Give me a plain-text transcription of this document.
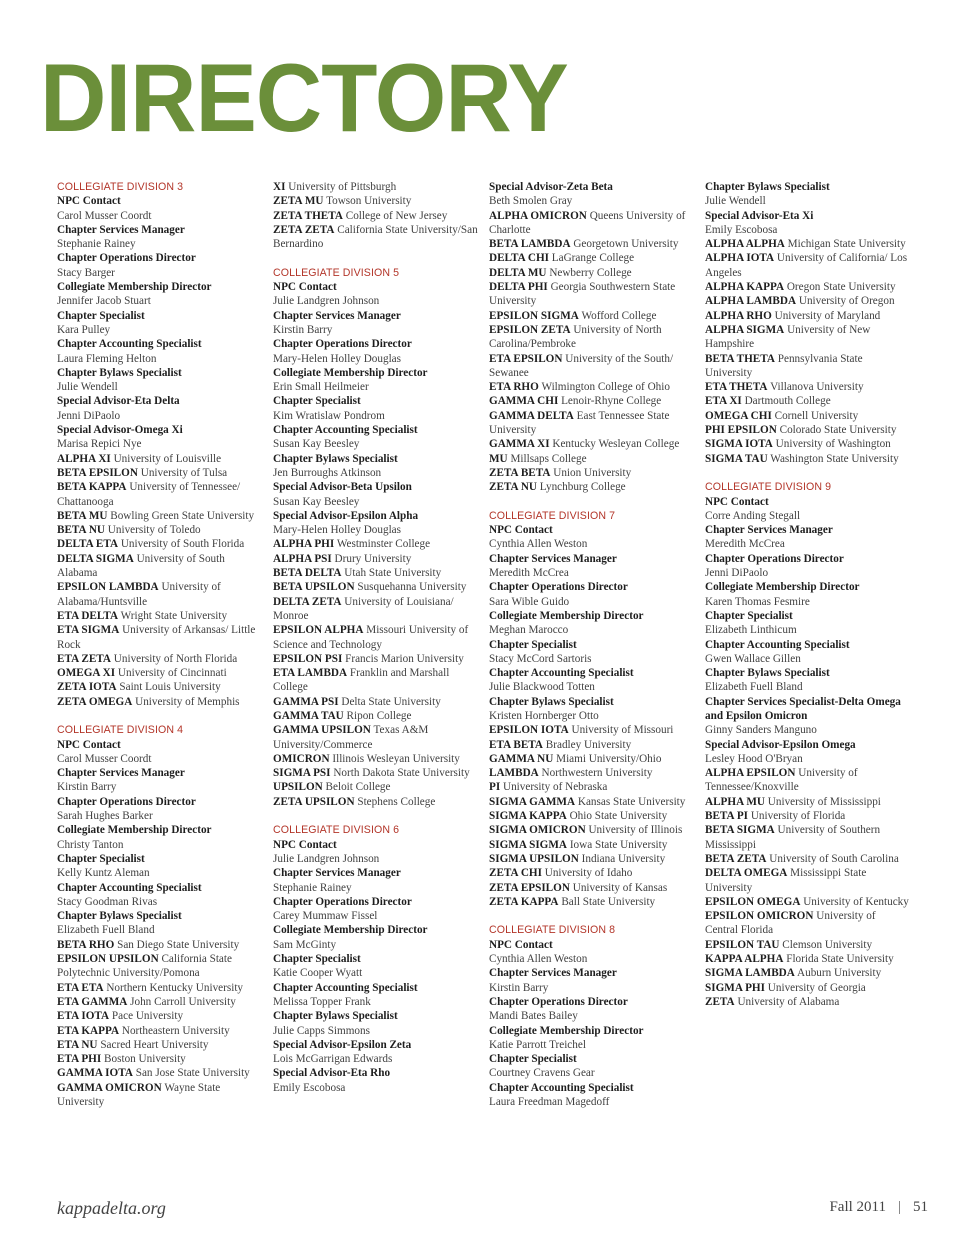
DIRECTORY
COLLEGIATE DIVISION 3
NPC Contact
Carol Musser Coordt
Chapter Services Manager
Stephanie Rainey
Chapter Operations Director
Stacy Barger
Collegiate Membership Director
Jennifer Jacob Stuart
Chapter Specialist
Kara Pulley
Chapter Accounting Specialist
Laura Fleming Helton
Chapter Bylaws Specialist
Julie Wendell
Special Advisor-Eta Delta
Jenni DiPaolo
Special Advisor-Omega Xi
Marisa Repici Nye
ALPHA XI University of Louisville
BETA EPSILON University of Tulsa
BETA KAPPA University of Tennessee/ Chattanooga
BETA MU Bowling Green State University
BETA NU University of Toledo
DELTA ETA University of South Florida
DELTA SIGMA University of South Alabama
EPSILON LAMBDA University of Alabama/Huntsville
ETA DELTA Wright State University
ETA SIGMA University of Arkansas/ Little Rock
ETA ZETA University of North Florida
OMEGA XI University of Cincinnati
ZETA IOTA Saint Louis University
ZETA OMEGA University of Memphis
COLLEGIATE DIVISION 4
NPC Contact
Carol Musser Coordt
Chapter Services Manager
Kirstin Barry
Chapter Operations Director
Sarah Hughes Barker
Collegiate Membership Director
Christy Tanton
Chapter Specialist
Kelly Kuntz Aleman
Chapter Accounting Specialist
Stacy Goodman Rivas
Chapter Bylaws Specialist
Elizabeth Fuell Bland
BETA RHO San Diego State University
EPSILON UPSILON California State Polytechnic University/Pomona
ETA ETA Northern Kentucky University
ETA GAMMA John Carroll University
ETA IOTA Pace University
ETA KAPPA Northeastern University
ETA NU Sacred Heart University
ETA PHI Boston University
GAMMA IOTA San Jose State University
GAMMA OMICRON Wayne State University
XI University of Pittsburgh
ZETA MU Towson University
ZETA THETA College of New Jersey
ZETA ZETA California State University/San Bernardino
COLLEGIATE DIVISION 5
NPC Contact
Julie Landgren Johnson
Chapter Services Manager
Kirstin Barry
Chapter Operations Director
Mary-Helen Holley Douglas
Collegiate Membership Director
Erin Small Heilmeier
Chapter Specialist
Kim Wratislaw Pondrom
Chapter Accounting Specialist
Susan Kay Beesley
Chapter Bylaws Specialist
Jen Burroughs Atkinson
Special Advisor-Beta Upsilon
Susan Kay Beesley
Special Advisor-Epsilon Alpha
Mary-Helen Holley Douglas
ALPHA PHI Westminster College
ALPHA PSI Drury University
BETA DELTA Utah State University
BETA UPSILON Susquehanna University
DELTA ZETA University of Louisiana/ Monroe
EPSILON ALPHA Missouri University of Science and Technology
EPSILON PSI Francis Marion University
ETA LAMBDA Franklin and Marshall College
GAMMA PSI Delta State University
GAMMA TAU Ripon College
GAMMA UPSILON Texas A&M University/Commerce
OMICRON Illinois Wesleyan University
SIGMA PSI North Dakota State University
UPSILON Beloit College
ZETA UPSILON Stephens College
COLLEGIATE DIVISION 6
NPC Contact
Julie Landgren Johnson
Chapter Services Manager
Stephanie Rainey
Chapter Operations Director
Carey Mummaw Fissel
Collegiate Membership Director
Sam McGinty
Chapter Specialist
Katie Cooper Wyatt
Chapter Accounting Specialist
Melissa Topper Frank
Chapter Bylaws Specialist
Julie Capps Simmons
Special Advisor-Epsilon Zeta
Lois McGarrigan Edwards
Special Advisor-Eta Rho
Emily Escobosa
Special Advisor-Zeta Beta
Beth Smolen Gray
ALPHA OMICRON Queens University of Charlotte
BETA LAMBDA Georgetown University
DELTA CHI LaGrange College
DELTA MU Newberry College
DELTA PHI Georgia Southwestern State University
EPSILON SIGMA Wofford College
EPSILON ZETA University of North Carolina/Pembroke
ETA EPSILON University of the South/ Sewanee
ETA RHO Wilmington College of Ohio
GAMMA CHI Lenoir-Rhyne College
GAMMA DELTA East Tennessee State University
GAMMA XI Kentucky Wesleyan College
MU Millsaps College
ZETA BETA Union University
ZETA NU Lynchburg College
COLLEGIATE DIVISION 7
NPC Contact
Cynthia Allen Weston
Chapter Services Manager
Meredith McCrea
Chapter Operations Director
Sara Wible Guido
Collegiate Membership Director
Meghan Marocco
Chapter Specialist
Stacy McCord Sartoris
Chapter Accounting Specialist
Julie Blackwood Totten
Chapter Bylaws Specialist
Kristen Hornberger Otto
EPSILON IOTA University of Missouri
ETA BETA Bradley University
GAMMA NU Miami University/Ohio
LAMBDA Northwestern University
PI University of Nebraska
SIGMA GAMMA Kansas State University
SIGMA KAPPA Ohio State University
SIGMA OMICRON University of Illinois
SIGMA SIGMA Iowa State University
SIGMA UPSILON Indiana University
ZETA CHI University of Idaho
ZETA EPSILON University of Kansas
ZETA KAPPA Ball State University
COLLEGIATE DIVISION 8
NPC Contact
Cynthia Allen Weston
Chapter Services Manager
Kirstin Barry
Chapter Operations Director
Mandi Bates Bailey
Collegiate Membership Director
Katie Parrott Treichel
Chapter Specialist
Courtney Cravens Gear
Chapter Accounting Specialist
Laura Freedman Magedoff
Chapter Bylaws Specialist
Julie Wendell
Special Advisor-Eta Xi
Emily Escobosa
ALPHA ALPHA Michigan State University
ALPHA IOTA University of California/ Los Angeles
ALPHA KAPPA Oregon State University
ALPHA LAMBDA University of Oregon
ALPHA RHO University of Maryland
ALPHA SIGMA University of New Hampshire
BETA THETA Pennsylvania State University
ETA THETA Villanova University
ETA XI Dartmouth College
OMEGA CHI Cornell University
PHI EPSILON Colorado State University
SIGMA IOTA University of Washington
SIGMA TAU Washington State University
COLLEGIATE DIVISION 9
NPC Contact
Corre Anding Stegall
Chapter Services Manager
Meredith McCrea
Chapter Operations Director
Jenni DiPaolo
Collegiate Membership Director
Karen Thomas Fesmire
Chapter Specialist
Elizabeth Linthicum
Chapter Accounting Specialist
Gwen Wallace Gillen
Chapter Bylaws Specialist
Elizabeth Fuell Bland
Chapter Services Specialist-Delta Omega and Epsilon Omicron
Ginny Sanders Manguno
Special Advisor-Epsilon Omega
Lesley Hood O'Bryan
ALPHA EPSILON University of Tennessee/Knoxville
ALPHA MU University of Mississippi
BETA PI University of Florida
BETA SIGMA University of Southern Mississippi
BETA ZETA University of South Carolina
DELTA OMEGA Mississippi State University
EPSILON OMEGA University of Kentucky
EPSILON OMICRON University of Central Florida
EPSILON TAU Clemson University
KAPPA ALPHA Florida State University
SIGMA LAMBDA Auburn University
SIGMA PHI University of Georgia
ZETA University of Alabama
kappadelta.org	Fall 2011 | 51
